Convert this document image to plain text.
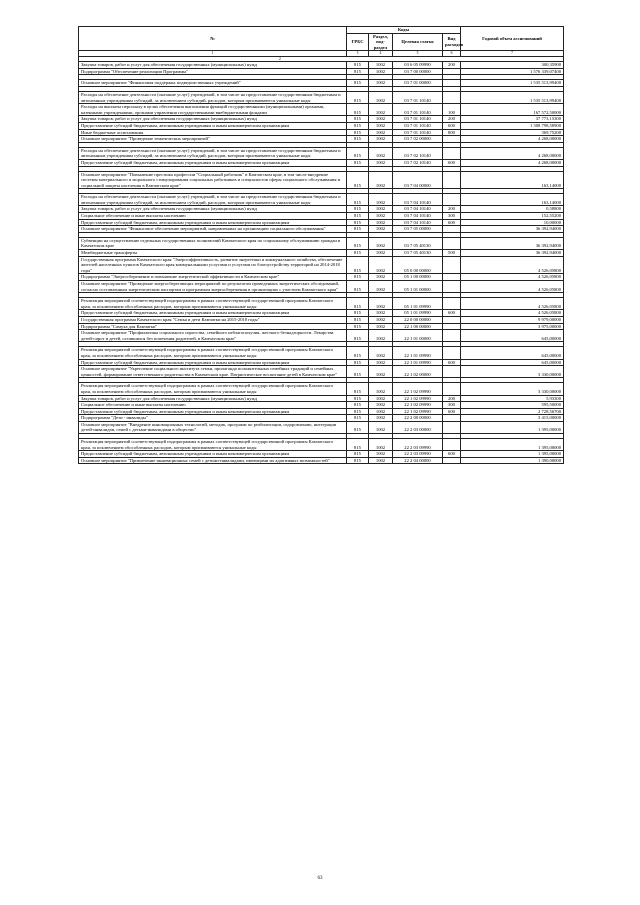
№	Коды				Годовой объем ассигнований
	ГРБС	Раздел, под-раздел	Целевая статья	Вид расходов	
1	3	4	5	6	7
2					
Закупка товаров, работ и услуг для обеспечения государственных (муниципальных) нужд	815	1002	03 6 05 09990	200	300,35900
Подпрограмма "Обеспечение реализации Программы"	815	1002	03 7 00 00000		1 576 339,07400

Основное мероприятие "Финансовая поддержка подведомственных учреждений"	815	1002	03 7 01 00000		1 535 513,99400

Расходы на обеспечение деятельности (оказание услуг) учреждений, в том числе на предоставление государственным бюджетным и автономным учреждениям субсидий, за исключением субсидий, расходов, которым присваиваются уникальные коды	815	1002	03 7 01 10140		1 535 513,99400
Расходы на выплаты персоналу в целях обеспечения выполнения функций государственными (муниципальными) органами, казенными учреждениями, органами управления государственными внебюджетными фондами	815	1002	03 7 01 10140	100	167 572,50000
Закупка товаров, работ и услуг для обеспечения государственных (муниципальных) нужд	815	1002	03 7 01 10140	200	37 773,15300
Предоставление субсидий бюджетным, автономным учреждениям и иным некоммерческим организациям	815	1002	03 7 01 10140	600	1 308 798,58900
Иные бюджетные ассигнования	815	1002	03 7 01 10140	800	369,75200
Основное мероприятие "Проведение тематических мероприятий"	815	1002	03 7 02 00000		4 268,00000

Расходы на обеспечение деятельности (оказание услуг) учреждений, в том числе на предоставление государственным бюджетным и автономным учреждениям субсидий, за исключением субсидий, расходов, которым присваиваются уникальные коды	815	1002	03 7 02 10140		4 268,00000
Предоставление субсидий бюджетным, автономным учреждениям и иным некоммерческим организациям	815	1002	03 7 02 10140	600	4 268,00000

Основное мероприятие "Повышение престижа профессии "Социальный работник" в Камчатском крае, в том числе внедрение системы материального и морального стимулирования социальных работников и специалистов сферы социального обслуживания и социальной защиты населения в Камчатском крае"	815	1002	03 7 04 00000		163,14000

Расходы на обеспечение деятельности (оказание услуг) учреждений, в том числе на предоставление государственным бюджетным и автономным учреждениям субсидий, за исключением субсидий, расходов, которым присваиваются уникальные коды	815	1002	03 7 04 10140		163,14000
Закупка товаров, работ и услуг для обеспечения государственных (муниципальных) нужд	815	1002	03 7 04 10140	200	0,58800
Социальное обеспечение и иные выплаты населению	815	1002	03 7 04 10140	300	152,55200
Предоставление субсидий бюджетным, автономным учреждениям и иным некоммерческим организациям	815	1002	03 7 04 10140	600	10,00000
Основное мероприятие "Финансовое обеспечение мероприятий, направленных на организацию социального обслуживания"	815	1002	03 7 05 00000		36 392,94000

Субвенции на осуществление отдельных государственных полномочий Камчатского края по социальному обслуживанию граждан в Камчатском крае	815	1002	03 7 05 40130		36 392,94000
Межбюджетные трансферты	815	1002	03 7 05 40130	500	36 392,94000
Государственная программа Камчатского края "Энергоэффективность, развитие энергетики и коммунального хозяйства, обеспечение жителей населенных пунктов Камчатского края коммунальными услугами и услугами по благоустройству территорий на 2014-2018 годы"	815	1002	05 0 00 00000		4 526,05800
Подпрограмма "Энергосбережение и повышение энергетической эффективности в Камчатском крае"	815	1002	05 1 00 00000		4 526,05800
Основное мероприятие "Проведение энергосберегающих мероприятий по результатам проведенных энергетических обследований, согласно составленным энергетическим паспортам и программам энергосбережения в организациях с участием Камчатского края"	815	1002	05 1 01 00000		4 526,05800

Реализация мероприятий соответствующей подпрограммы в рамках соответствующей государственной программы Камчатского края, за исключением обособленных расходов, которым присваиваются уникальные коды	815	1002	05 1 01 09990		4 526,05800
Предоставление субсидий бюджетным, автономным учреждениям и иным некоммерческим организациям	815	1002	05 1 01 09990	600	4 526,05800
Государственная программа Камчатского края "Семья и дети Камчатки на 2015-2018 годы"	815	1002	22 0 00 00000		9 979,00000
Подпрограмма "Самуха для Камчатки"	815	1002	22 1 00 00000		3 975,00000
Основное мероприятие "Профилактика социального сиротства, семейного неблагополучия, жесткого безнадзорности. Лекарства детей-сирот и детей, оставшихся без попечения родителей, в Камчатском крае"	815	1002	22 1 01 00000		645,00000

Реализация мероприятий соответствующей подпрограммы в рамках соответствующей государственной программы Камчатского края, за исключением обособленных расходов, которым присваиваются уникальные коды	815	1002	22 1 01 09990		645,00000
Предоставление субсидий бюджетным, автономным учреждениям и иным некоммерческим организациям	815	1002	22 1 01 09990	600	645,00000
Основное мероприятие "Укрепление социального института семьи, пропаганда положительных семейных традиций и семейных ценностей, формирование ответственного родительства в Камчатском крае. Патриотическое воспитание детей в Камчатском крае"	815	1002	22 1 02 00000		3 330,00000

Реализация мероприятий соответствующей подпрограммы в рамках соответствующей государственной программы Камчатского края, за исключением обособленных расходов, которым присваиваются уникальные коды	815	1002	22 1 02 09990		3 330,00000
Закупка товаров, работ и услуг для обеспечения государственных (муниципальных) нужд	815	1002	22 1 02 09990	200	5,93300
Социальное обеспечение и иные выплаты населению	815	1002	22 1 02 09990	300	595,50000
Предоставление субсидий бюджетным, автономным учреждениям и иным некоммерческим организациям	815	1002	22 1 02 09990	600	2 728,56700
Подпрограмма "Дети - инвалиды"	815	1002	22 2 00 00000		3 415,00000
Основное мероприятие "Внедрение инновационных технологий, методик, программ по реабилитации, оздоровлению, интеграции детей-инвалидов, семей с детьми-инвалидами в общество"	815	1002	22 2 03 00000		1 395,00000

Реализация мероприятий соответствующей подпрограммы в рамках соответствующей государственной программы Камчатского края, за исключением обособленных расходов, которым присваиваются уникальные коды	815	1002	22 2 03 09990		1 395,00000
Предоставление субсидий бюджетным, автономным учреждениям и иным некоммерческим организациям	815	1002	22 2 03 09990	600	1 395,00000
Основное мероприятие "Привлечение инновационных семей с детьми-инвалидами, имеющими их адаптивных возможностей"	815	1002	22 2 04 00000		1 390,00000
63
